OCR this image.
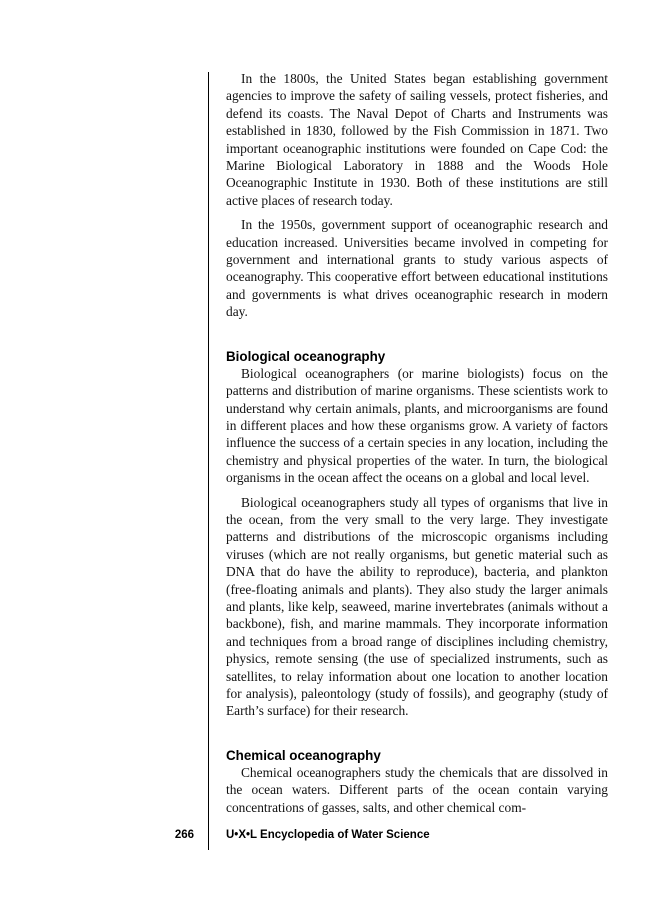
In the 1800s, the United States began establishing government agencies to improve the safety of sailing vessels, protect fisheries, and defend its coasts. The Naval Depot of Charts and Instruments was established in 1830, followed by the Fish Commission in 1871. Two important oceanographic institutions were founded on Cape Cod: the Marine Biological Laboratory in 1888 and the Woods Hole Oceanographic Institute in 1930. Both of these institutions are still active places of research today.

In the 1950s, government support of oceanographic research and education increased. Universities became involved in competing for government and international grants to study various aspects of oceanography. This cooperative effort between educational institutions and governments is what drives oceanographic research in modern day.

Biological oceanography

Biological oceanographers (or marine biologists) focus on the patterns and distribution of marine organisms. These scientists work to understand why certain animals, plants, and microorganisms are found in different places and how these organisms grow. A variety of factors influence the success of a certain species in any location, including the chemistry and physical properties of the water. In turn, the biological organisms in the ocean affect the oceans on a global and local level.

Biological oceanographers study all types of organisms that live in the ocean, from the very small to the very large. They investigate patterns and distributions of the microscopic organisms including viruses (which are not really organisms, but genetic material such as DNA that do have the ability to reproduce), bacteria, and plankton (free-floating animals and plants). They also study the larger animals and plants, like kelp, seaweed, marine invertebrates (animals without a backbone), fish, and marine mammals. They incorporate information and techniques from a broad range of disciplines including chemistry, physics, remote sensing (the use of specialized instruments, such as satellites, to relay information about one location to another location for analysis), paleontology (study of fossils), and geography (study of Earth’s surface) for their research.

Chemical oceanography

Chemical oceanographers study the chemicals that are dissolved in the ocean waters. Different parts of the ocean contain varying concentrations of gasses, salts, and other chemical com-

266	U•X•L Encyclopedia of Water Science
